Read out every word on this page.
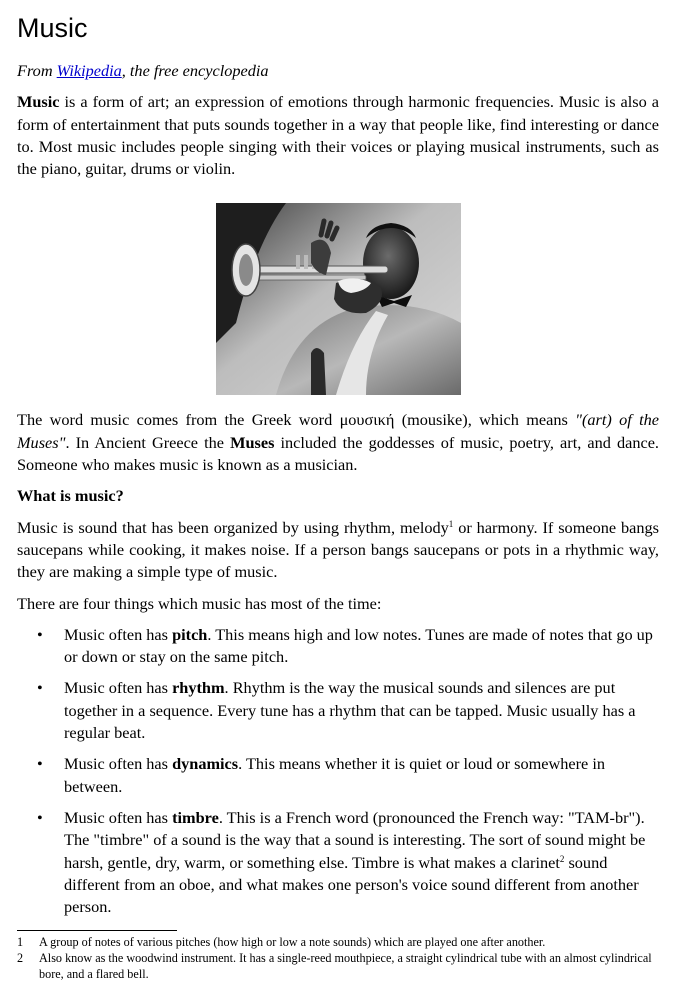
Music
From Wikipedia, the free encyclopedia

Music is a form of art; an expression of emotions through harmonic frequencies. Music is also a form of entertainment that puts sounds together in a way that people like, find interesting or dance to. Most music includes people singing with their voices or playing musical instruments, such as the piano, guitar, drums or violin.

The word music comes from the Greek word μουσική (mousike), which means "(art) of the Muses". In Ancient Greece the Muses included the goddesses of music, poetry, art, and dance. Someone who makes music is known as a musician.

What is music?

Music is sound that has been organized by using rhythm, melody$^1$ or harmony. If someone bangs saucepans while cooking, it makes noise. If a person bangs saucepans or pots in a rhythmic way, they are making a simple type of music.

There are four things which music has most of the time:

• Music often has pitch. This means high and low notes. Tunes are made of notes that go up or down or stay on the same pitch.
• Music often has rhythm. Rhythm is the way the musical sounds and silences are put together in a sequence. Every tune has a rhythm that can be tapped. Music usually has a regular beat.
• Music often has dynamics. This means whether it is quiet or loud or somewhere in between.
• Music often has timbre. This is a French word (pronounced the French way: "TAM-br"). The "timbre" of a sound is the way that a sound is interesting. The sort of sound might be harsh, gentle, dry, warm, or something else. Timbre is what makes a clarinet$^2$ sound different from an oboe, and what makes one person's voice sound different from another person.
1 A group of notes of various pitches (how high or low a note sounds) which are played one after another.
2 Also know as the woodwind instrument. It has a single-reed mouthpiece, a straight cylindrical tube with an almost cylindrical bore, and a flared bell.
